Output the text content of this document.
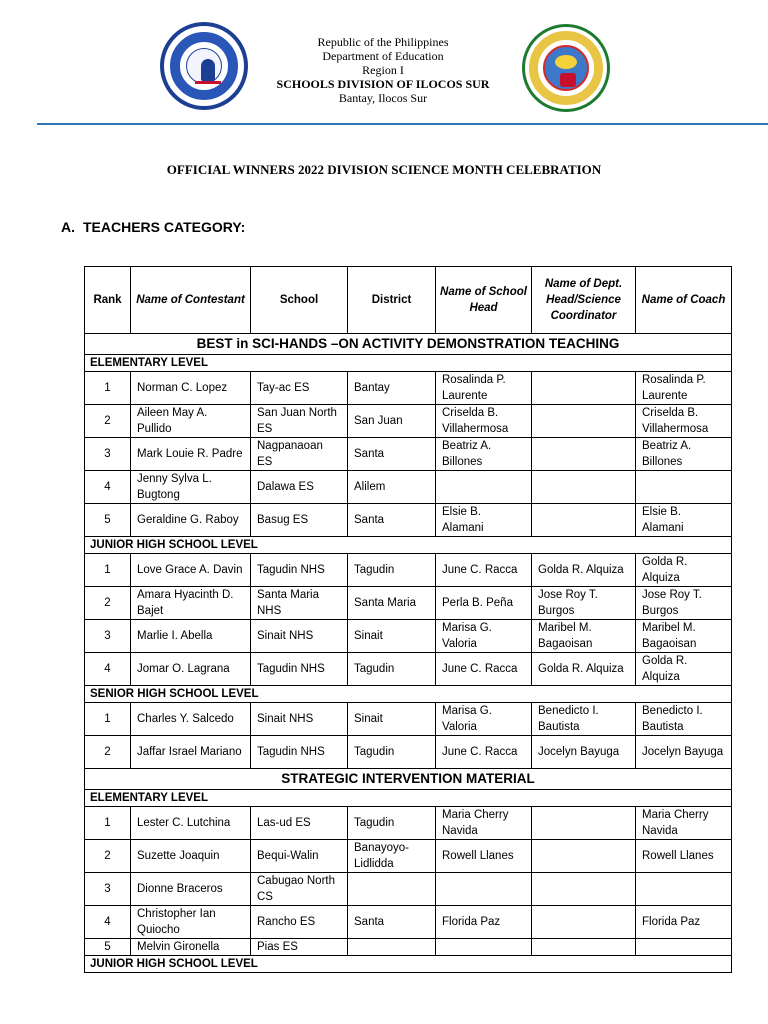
Republic of the Philippines
Department of Education
Region I
SCHOOLS DIVISION OF ILOCOS SUR
Bantay, Ilocos Sur
OFFICIAL WINNERS 2022 DIVISION SCIENCE MONTH CELEBRATION
A. TEACHERS CATEGORY:
Rank	Name of Contestant	School	District	Name of School Head	Name of Dept. Head/Science Coordinator	Name of Coach
BEST in SCI-HANDS –ON ACTIVITY DEMONSTRATION TEACHING						
ELEMENTARY LEVEL						
1	Norman C. Lopez	Tay-ac ES	Bantay	Rosalinda P. Laurente		Rosalinda P. Laurente
2	Aileen May A. Pullido	San Juan North ES	San Juan	Criselda B. Villahermosa		Criselda B. Villahermosa
3	Mark Louie R. Padre	Nagpanaoan ES	Santa	Beatriz A. Billones		Beatriz A. Billones
4	Jenny Sylva L. Bugtong	Dalawa ES	Alilem			
5	Geraldine G. Raboy	Basug ES	Santa	Elsie B. Alamani		Elsie B. Alamani
JUNIOR HIGH SCHOOL LEVEL						
1	Love Grace A. Davin	Tagudin NHS	Tagudin	June C. Racca	Golda R. Alquiza	Golda R. Alquiza
2	Amara Hyacinth D. Bajet	Santa Maria NHS	Santa Maria	Perla B. Peña	Jose Roy T. Burgos	Jose Roy T. Burgos
3	Marlie I. Abella	Sinait NHS	Sinait	Marisa G. Valoria	Maribel M. Bagaoisan	Maribel M. Bagaoisan
4	Jomar O. Lagrana	Tagudin NHS	Tagudin	June C. Racca	Golda R. Alquiza	Golda R. Alquiza
SENIOR HIGH SCHOOL LEVEL						
1	Charles Y. Salcedo	Sinait NHS	Sinait	Marisa G. Valoria	Benedicto I. Bautista	Benedicto I. Bautista
2	Jaffar Israel Mariano	Tagudin NHS	Tagudin	June C. Racca	Jocelyn Bayuga	Jocelyn Bayuga
STRATEGIC INTERVENTION MATERIAL						
ELEMENTARY LEVEL						
1	Lester C. Lutchina	Las-ud ES	Tagudin	Maria Cherry Navida		Maria Cherry Navida
2	Suzette Joaquin	Bequi-Walin	Banayoyo-Lidlidda	Rowell Llanes		Rowell Llanes
3	Dionne Braceros	Cabugao North CS				
4	Christopher Ian Quiocho	Rancho ES	Santa	Florida Paz		Florida Paz
5	Melvin Gironella	Pias ES				
JUNIOR HIGH SCHOOL LEVEL						
